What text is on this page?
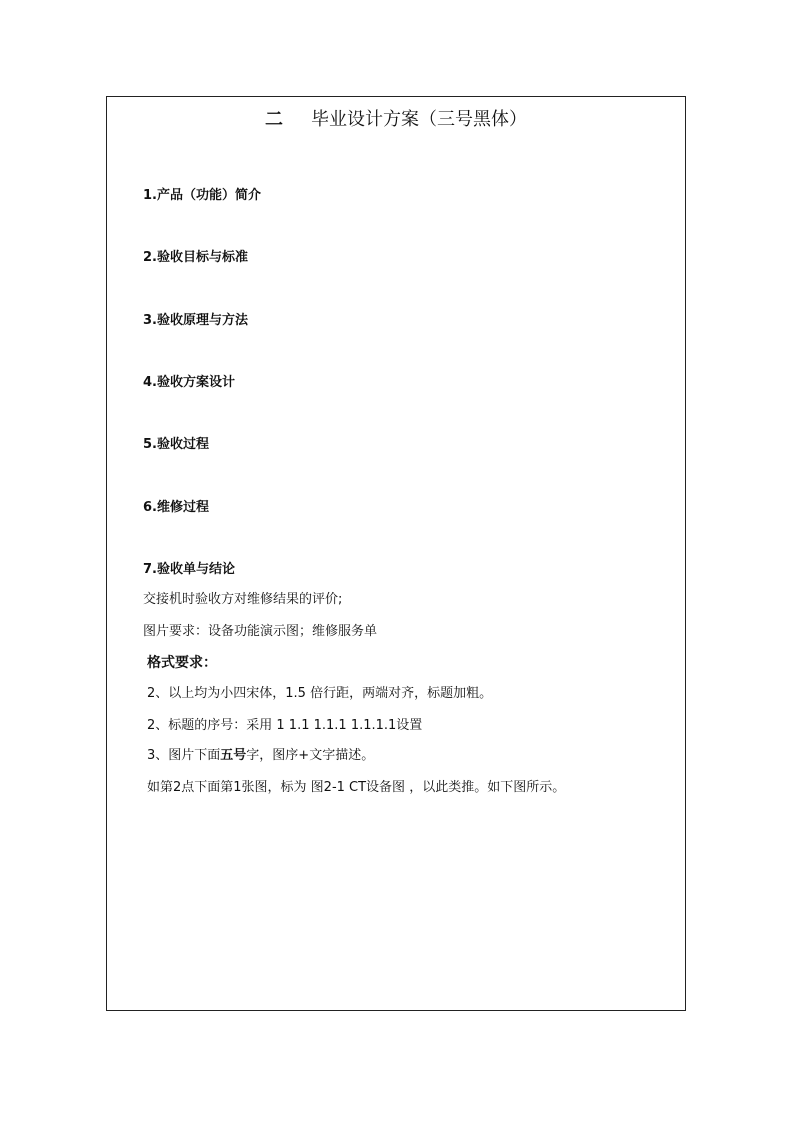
二 毕业设计方案（三号黑体）
1.产品（功能）简介
2.验收目标与标准
3.验收原理与方法
4.验收方案设计
5.验收过程
6.维修过程
7.验收单与结论
交接机时验收方对维修结果的评价;
图片要求：设备功能演示图；维修服务单
格式要求：
2、以上均为小四宋体，1.5 倍行距，两端对齐，标题加粗。
2、标题的序号：采用 1 1.1 1.1.1 1.1.1.1设置
3、图片下面五号字，图序+文字描述。
如第2点下面第1张图，标为 图2-1 CT设备图 ，以此类推。如下图所示。
